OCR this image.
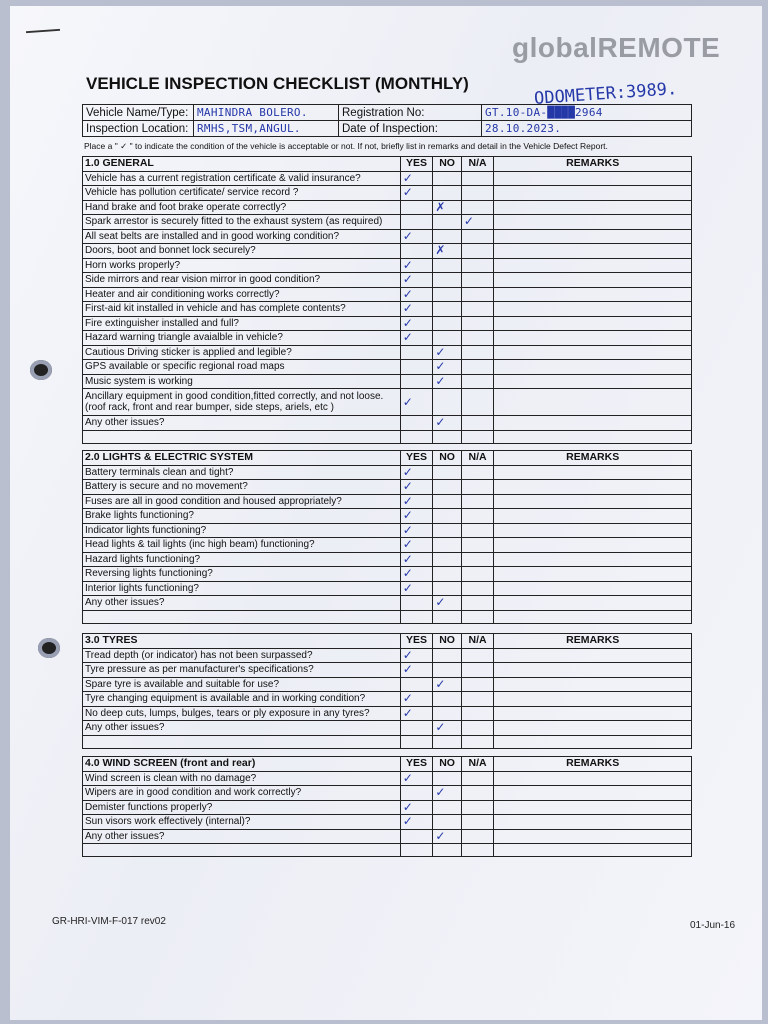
globalREMOTE
VEHICLE INSPECTION CHECKLIST (MONTHLY)	ODOMETER:3989.
Vehicle Name/Type:	MAHINDRA BOLERO.	Registration No:	GT.10-DA-████2964
Inspection Location:	RMHS,TSM,ANGUL.	Date of Inspection:	28.10.2023.
Place a " ✓ " to indicate the condition of the vehicle is acceptable or not. If not, briefly list in remarks and detail in the Vehicle Defect Report.
1.0 GENERAL	YES	NO	N/A	REMARKS
Vehicle has a current registration certificate & valid insurance?	✓			
Vehicle has pollution certificate/ service record ?	✓			
Hand brake and foot brake operate correctly?		✗		
Spark arrestor is securely fitted to the exhaust system (as required)			✓	
All seat belts are installed and in good working condition?	✓			
Doors, boot and bonnet lock securely?		✗		
Horn works properly?	✓			
Side mirrors and rear vision mirror in good condition?	✓			
Heater and air conditioning works correctly?	✓			
First-aid kit installed in vehicle and has complete contents?	✓			
Fire extinguisher installed and full?	✓			
Hazard warning triangle avaialble in vehicle?	✓			
Cautious Driving sticker is applied and legible?		✓		
GPS available or specific regional road maps		✓		
Music system is working		✓		
Ancillary equipment in good condition,fitted correctly, and not loose. (roof rack, front and rear bumper, side steps, ariels, etc )	✓			
Any other issues?		✓		

2.0 LIGHTS & ELECTRIC SYSTEM	YES	NO	N/A	REMARKS
Battery terminals clean and tight?	✓			
Battery is secure and no movement?	✓			
Fuses are all in good condition and housed appropriately?	✓			
Brake lights functioning?	✓			
Indicator lights functioning?	✓			
Head lights & tail lights (inc high beam) functioning?	✓			
Hazard lights functioning?	✓			
Reversing lights functioning?	✓			
Interior lights functioning?	✓			
Any other issues?		✓		

3.0 TYRES	YES	NO	N/A	REMARKS
Tread depth (or indicator) has not been surpassed?	✓			
Tyre pressure as per manufacturer's specifications?	✓			
Spare tyre is available and suitable for use?		✓		
Tyre changing equipment is available and in working condition?	✓			
No deep cuts, lumps, bulges, tears or ply exposure in any tyres?	✓			
Any other issues?		✓		

4.0 WIND SCREEN (front and rear)	YES	NO	N/A	REMARKS
Wind screen is clean with no damage?	✓			
Wipers are in good condition and work correctly?		✓		
Demister functions properly?	✓			
Sun visors work effectively (internal)?	✓			
Any other issues?		✓		

GR-HRI-VIM-F-017 rev02	01-Jun-16
